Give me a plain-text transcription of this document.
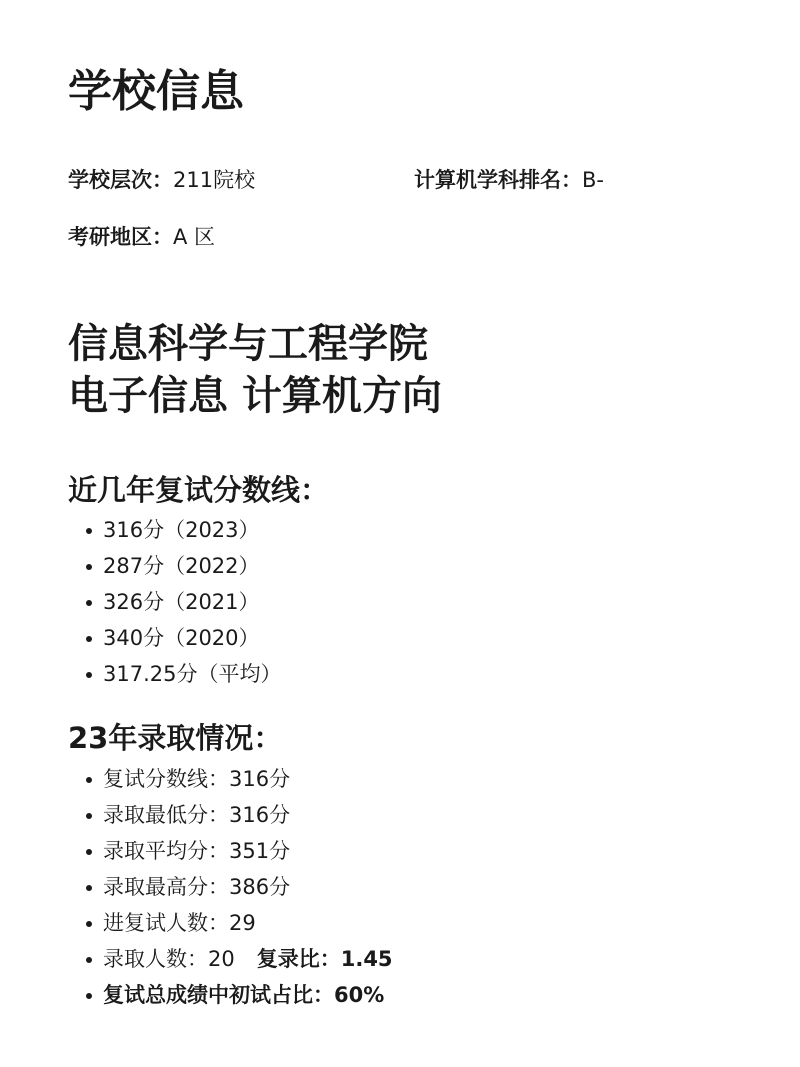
学校信息
学校层次：211院校	计算机学科排名：B-
考研地区：A 区
信息科学与工程学院
电子信息 计算机方向
近几年复试分数线：
316分（2023）
287分（2022）
326分（2021）
340分（2020）
317.25分（平均）
23年录取情况：
复试分数线：316分
录取最低分：316分
录取平均分：351分
录取最高分：386分
进复试人数：29
录取人数：20 复录比：1.45
复试总成绩中初试占比：60%
